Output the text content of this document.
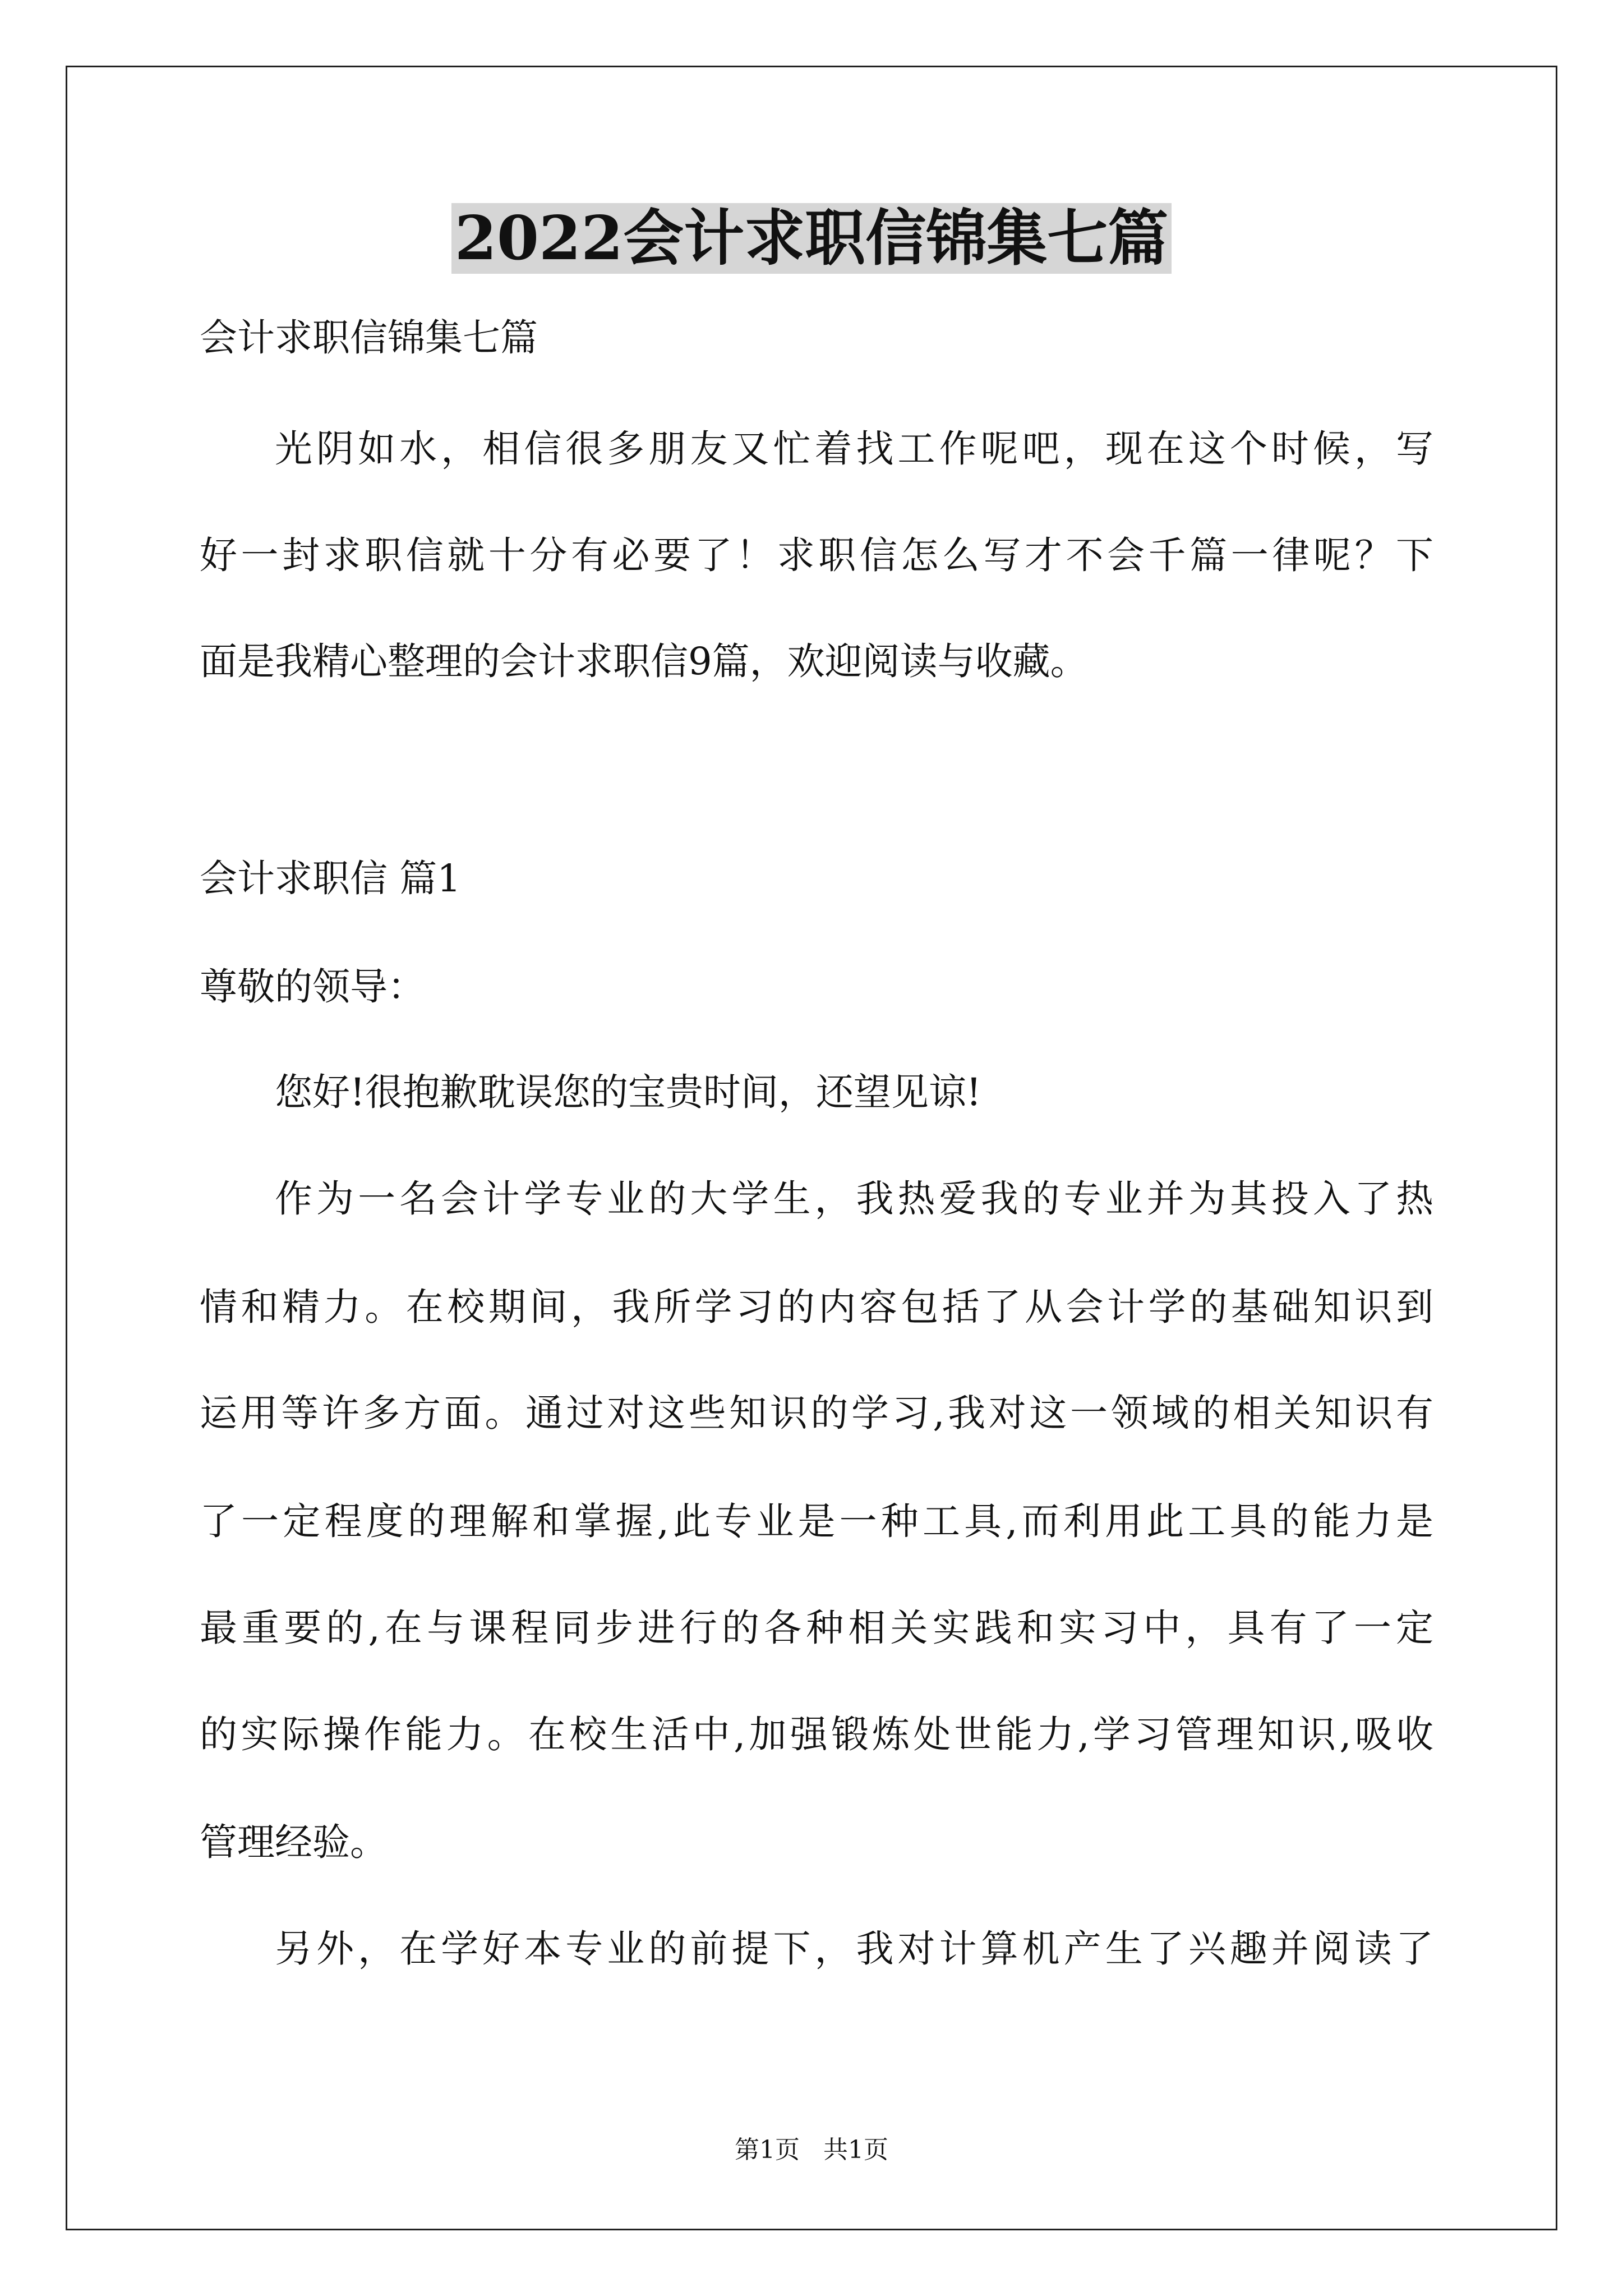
2022会计求职信锦集七篇
会计求职信锦集七篇
光阴如水，相信很多朋友又忙着找工作呢吧，现在这个时候，写
好一封求职信就十分有必要了！求职信怎么写才不会千篇一律呢？下
面是我精心整理的会计求职信9篇，欢迎阅读与收藏。
会计求职信 篇1
尊敬的领导：
您好!很抱歉耽误您的宝贵时间，还望见谅!
作为一名会计学专业的大学生，我热爱我的专业并为其投入了热
情和精力。在校期间，我所学习的内容包括了从会计学的基础知识到
运用等许多方面。通过对这些知识的学习,我对这一领域的相关知识有
了一定程度的理解和掌握,此专业是一种工具,而利用此工具的能力是
最重要的,在与课程同步进行的各种相关实践和实习中，具有了一定
的实际操作能力。在校生活中,加强锻炼处世能力,学习管理知识,吸收
管理经验。
另外，在学好本专业的前提下，我对计算机产生了兴趣并阅读了
第1页   共1页
